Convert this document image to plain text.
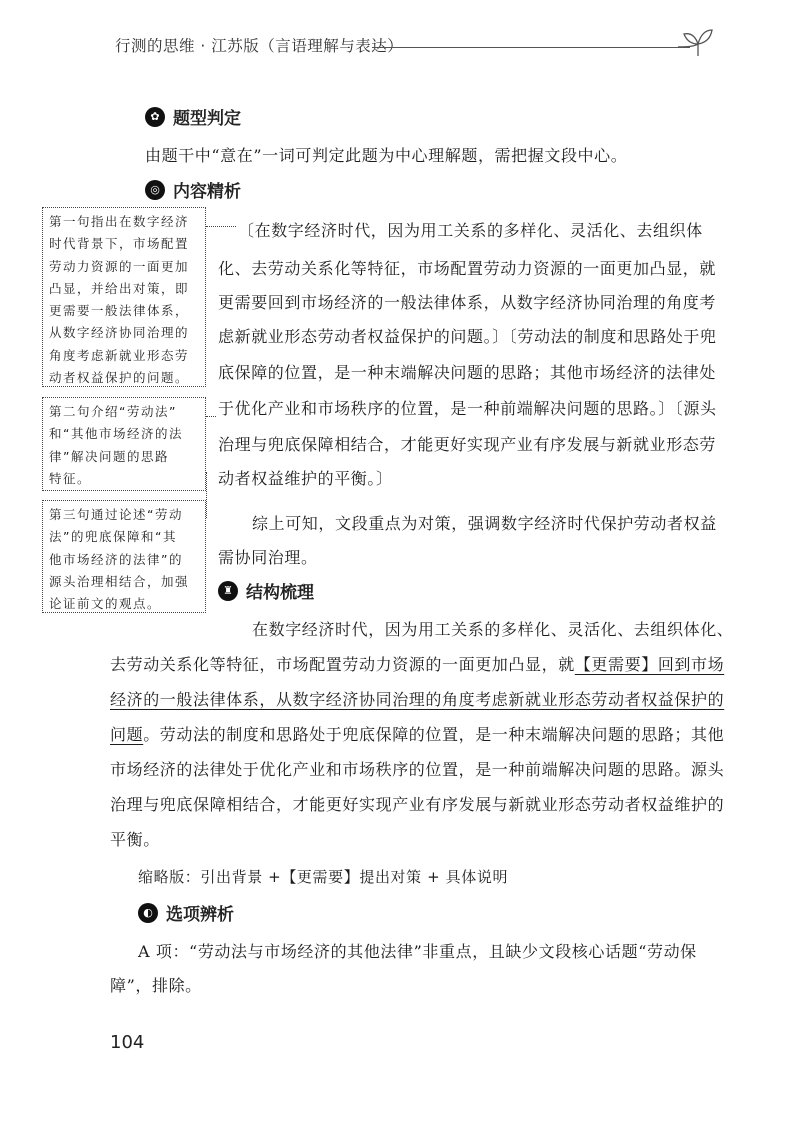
行测的思维 · 江苏版（言语理解与表达）
✿ 题型判定
由题干中“意在”一词可判定此题为中心理解题，需把握文段中心。
◎ 内容精析
〔在数字经济时代，因为用工关系的多样化、灵活化、去组织体
化、去劳动关系化等特征，市场配置劳动力资源的一面更加凸显，就
更需要回到市场经济的一般法律体系，从数字经济协同治理的角度考
虑新就业形态劳动者权益保护的问题。〕〔劳动法的制度和思路处于兜
底保障的位置，是一种末端解决问题的思路；其他市场经济的法律处
于优化产业和市场秩序的位置，是一种前端解决问题的思路。〕〔源头
治理与兜底保障相结合，才能更好实现产业有序发展与新就业形态劳
动者权益维护的平衡。〕
综上可知，文段重点为对策，强调数字经济时代保护劳动者权益
需协同治理。
第一句指出在数字经济
时代背景下，市场配置
劳动力资源的一面更加
凸显，并给出对策，即
更需要一般法律体系，
从数字经济协同治理的
角度考虑新就业形态劳
动者权益保护的问题。
第二句介绍“劳动法”
和“其他市场经济的法
律”解决问题的思路
特征。
第三句通过论述“劳动
法”的兜底保障和“其
他市场经济的法律”的
源头治理相结合，加强
论证前文的观点。
♜ 结构梳理
在数字经济时代，因为用工关系的多样化、灵活化、去组织体化、
去劳动关系化等特征，市场配置劳动力资源的一面更加凸显，就【更需要】回到市场
经济的一般法律体系，从数字经济协同治理的角度考虑新就业形态劳动者权益保护的
问题。劳动法的制度和思路处于兜底保障的位置，是一种末端解决问题的思路；其他
市场经济的法律处于优化产业和市场秩序的位置，是一种前端解决问题的思路。源头
治理与兜底保障相结合，才能更好实现产业有序发展与新就业形态劳动者权益维护的
平衡。
缩略版：引出背景 +【更需要】提出对策 + 具体说明
◐ 选项辨析
A 项：“劳动法与市场经济的其他法律”非重点，且缺少文段核心话题“劳动保
障”，排除。
104
